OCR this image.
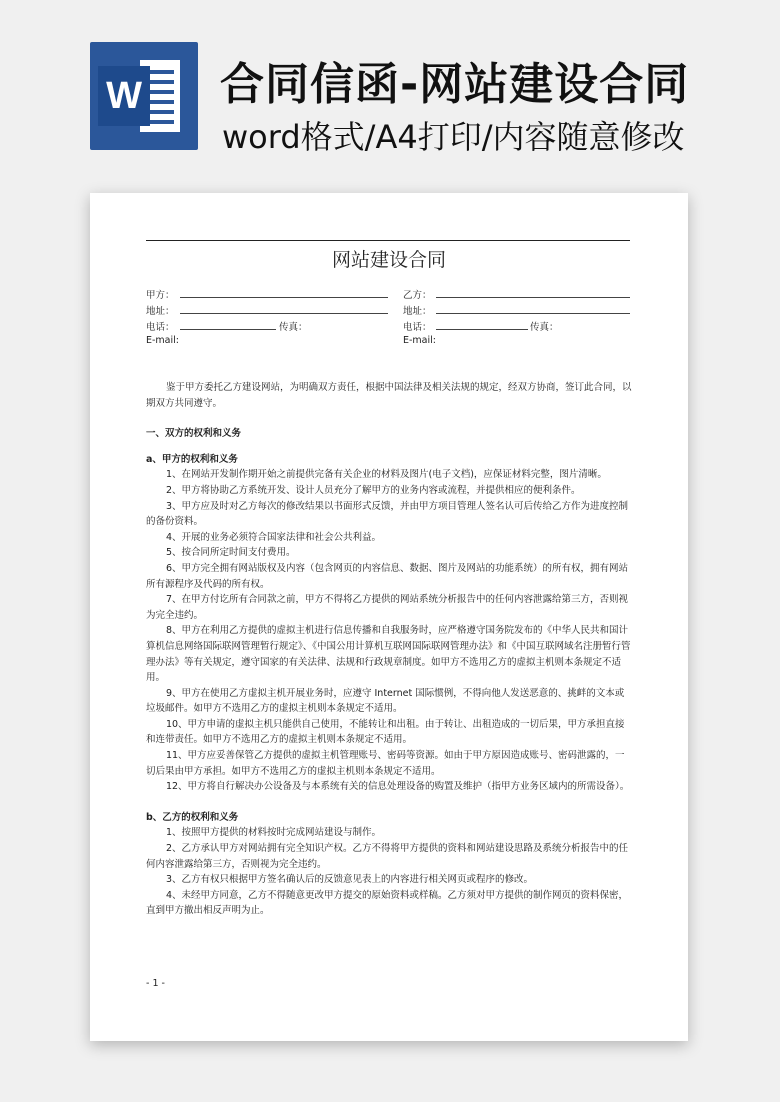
W 合同信函-网站建设合同
word格式/A4打印/内容随意修改
网站建设合同
甲方：
地址：
电话：	传真：
E-mail:
乙方：
地址：
电话：	传真：
E-mail:

鉴于甲方委托乙方建设网站，为明确双方责任，根据中国法律及相关法规的规定，经双方协商，签订此合同，以期双方共同遵守。

一、双方的权利和义务

a、甲方的权利和义务

1、在网站开发制作期开始之前提供完备有关企业的材料及图片(电子文档)，应保证材料完整，图片清晰。

2、甲方将协助乙方系统开发、设计人员充分了解甲方的业务内容或流程，并提供相应的便利条件。

3、甲方应及时对乙方每次的修改结果以书面形式反馈，并由甲方项目管理人签名认可后传给乙方作为进度控制的备份资料。

4、开展的业务必须符合国家法律和社会公共利益。

5、按合同所定时间支付费用。

6、甲方完全拥有网站版权及内容（包含网页的内容信息、数据、图片及网站的功能系统）的所有权，拥有网站所有源程序及代码的所有权。

7、在甲方付讫所有合同款之前，甲方不得将乙方提供的网站系统分析报告中的任何内容泄露给第三方，否则视为完全违约。

8、甲方在利用乙方提供的虚拟主机进行信息传播和自我服务时，应严格遵守国务院发布的《中华人民共和国计算机信息网络国际联网管理暂行规定》、《中国公用计算机互联网国际联网管理办法》和《中国互联网域名注册暂行管理办法》等有关规定，遵守国家的有关法律、法规和行政规章制度。如甲方不选用乙方的虚拟主机则本条规定不适用。

9、甲方在使用乙方虚拟主机开展业务时，应遵守 Internet 国际惯例，不得向他人发送恶意的、挑衅的文本或垃圾邮件。如甲方不选用乙方的虚拟主机则本条规定不适用。

10、甲方申请的虚拟主机只能供自己使用，不能转让和出租。由于转让、出租造成的一切后果，甲方承担直接和连带责任。如甲方不选用乙方的虚拟主机则本条规定不适用。

11、甲方应妥善保管乙方提供的虚拟主机管理账号、密码等资源。如由于甲方原因造成账号、密码泄露的，一切后果由甲方承担。如甲方不选用乙方的虚拟主机则本条规定不适用。

12、甲方将自行解决办公设备及与本系统有关的信息处理设备的购置及维护（指甲方业务区域内的所需设备）。

b、乙方的权利和义务

1、按照甲方提供的材料按时完成网站建设与制作。

2、乙方承认甲方对网站拥有完全知识产权。乙方不得将甲方提供的资料和网站建设思路及系统分析报告中的任何内容泄露给第三方，否则视为完全违约。

3、乙方有权只根据甲方签名确认后的反馈意见表上的内容进行相关网页或程序的修改。

4、未经甲方同意，乙方不得随意更改甲方提交的原始资料或样稿。乙方须对甲方提供的制作网页的资料保密，直到甲方撤出相反声明为止。

- 1 -
